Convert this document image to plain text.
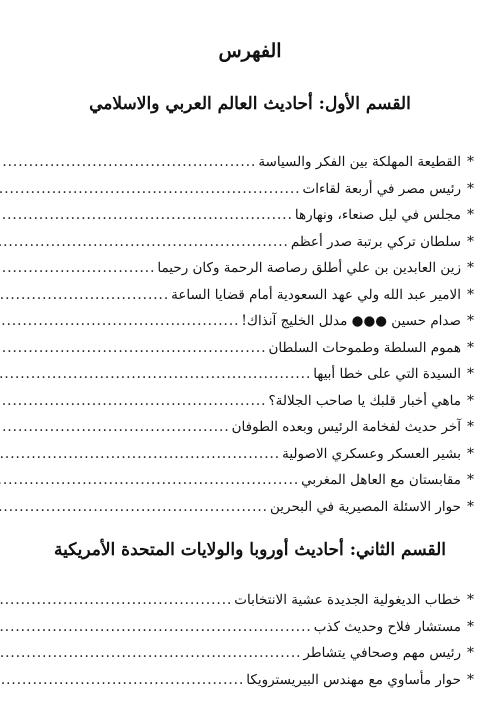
الفهرس
القسم الأول: أحاديث العالم العربي والاسلامي
*
القطيعة المهلكة بين الفكر والسياسة
.....
*
رئيس مصر في أربعة لقاءات
.....
*
مجلس في ليل صنعاء، ونهارها
.....
*
سلطان تركي برتبة صدر أعظم
.....
*
زين العابدين بن علي أطلق رصاصة الرحمة وكان رحيما
.....
*
الامير عبد الله ولي عهد السعودية أمام قضايا الساعة
.....
*
صدام حسين ●●● مدلل الخليج آنذاك!
.....
*
هموم السلطة وطموحات السلطان
.....
*
السيدة التي على خطا أبيها
.....
*
ماهي أخبار قلبك يا صاحب الجلالة؟
.....
*
آخر حديث لفخامة الرئيس وبعده الطوفان
.....
*
بشير العسكر وعسكري الاصولية
.....
*
مقابستان مع العاهل المغربي
.....
*
حوار الاسئلة المصيرية في البحرين
.....
القسم الثاني: أحاديث أوروبا والولايات المتحدة الأمريكية
*
خطاب الديغولية الجديدة عشية الانتخابات
.....
*
مستشار فلاح وحديث كذب
.....
*
رئيس مهم وصحافي يتشاطر
.....
*
حوار مأساوي مع مهندس البيريسترويكا
.....
